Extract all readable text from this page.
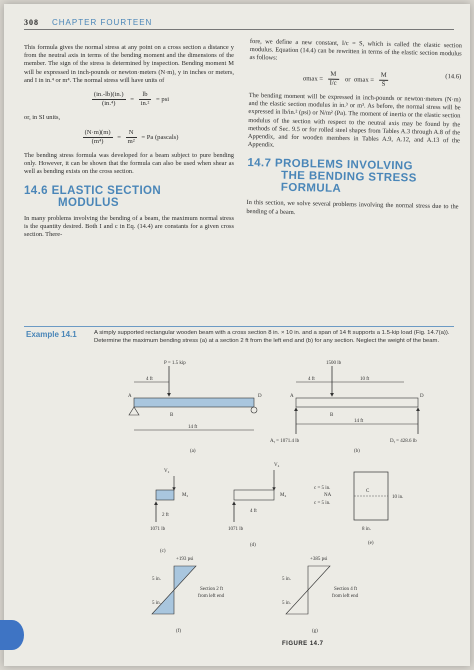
308 CHAPTER FOURTEEN

This formula gives the normal stress at any point on a cross section a distance y from the neutral axis in terms of the bending moment and the dimensions of the member. The sign of the stress is determined by inspection. Bending moment M will be expressed in inch-pounds or newton·meters (N·m), y in inches or meters, and I in in.⁴ or m⁴. The normal stress will have units of

$\frac{(in.-lb)(in.)}{\text{(in.⁴)}} = \frac{lb}{\text{in.²}}$ = psi

or, in SI units,

$\frac{(N\cdot m)(m)}{\text{(m⁴)}} = \frac{N}{\text{m²}} = Pa$ (pascals)

The bending stress formula was developed for a beam subject to pure bending only. However, it can be shown that the formula can also be used when shear as well as bending exists on the cross section.

14.6 ELASTIC SECTION
MODULUS

In many problems involving the bending of a beam, the maximum normal stress is the quantity desired. Both I and c in Eq. (14.4) are constants for a given cross section. There-

fore, we define a new constant, I/c = S, which is called the elastic section modulus. Equation (14.4) can be rewritten in terms of the elastic section modulus as follows:

$\sigma\max = \frac{M}{I/c}$ or $\sigma\max = \frac{M}{S}$	(14.6)

The bending moment will be expressed in inch-pounds or newton·meters (N·m) and the elastic section modulus in in.³ or m³. As before, the normal stress will be expressed in lb/in.² (psi) or N/m² (Pa). The moment of inertia or the elastic section modulus of the section with respect to the neutral axis may be found by the methods of Sec. 9.5 or for rolled steel shapes from Tables A.3 through A.8 of the Appendix, and for wooden members in Tables A.9, A.12, and A.13 of the Appendix.

14.7 PROBLEMS INVOLVING
THE BENDING STRESS
FORMULA

In this section, we solve several problems involving the normal stress due to the bending of a beam.

Example 14.1	A simply supported rectangular wooden beam with a cross section 8 in. × 10 in. and a span of 14 ft supports a 1.5-kip load (Fig. 14.7(a)). Determine the maximum bending stress (a) at a section 2 ft from the left end and (b) for any section. Neglect the weight of the beam.
P = 1.5 kip
4 ft
A
B
D
14 ft
(a)
1500 lb
4 ft	10 ft
A
B
D
14 ft
Aᵧ = 1071.4 lb	Dᵧ = 428.6 lb
(b)
V₂
M₂
2 ft
1071 lb
(c)
V₄
M₄
4 ft
1071 lb
(d)
c = 5 in.
NA
c = 5 in.
C
10 in.
8 in.
(e)
+193 psi
5 in.
5 in.
Section 2 ft
from left end
(f)
+385 psi
5 in.
5 in.
Section 4 ft
from left end
(g)
FIGURE 14.7
